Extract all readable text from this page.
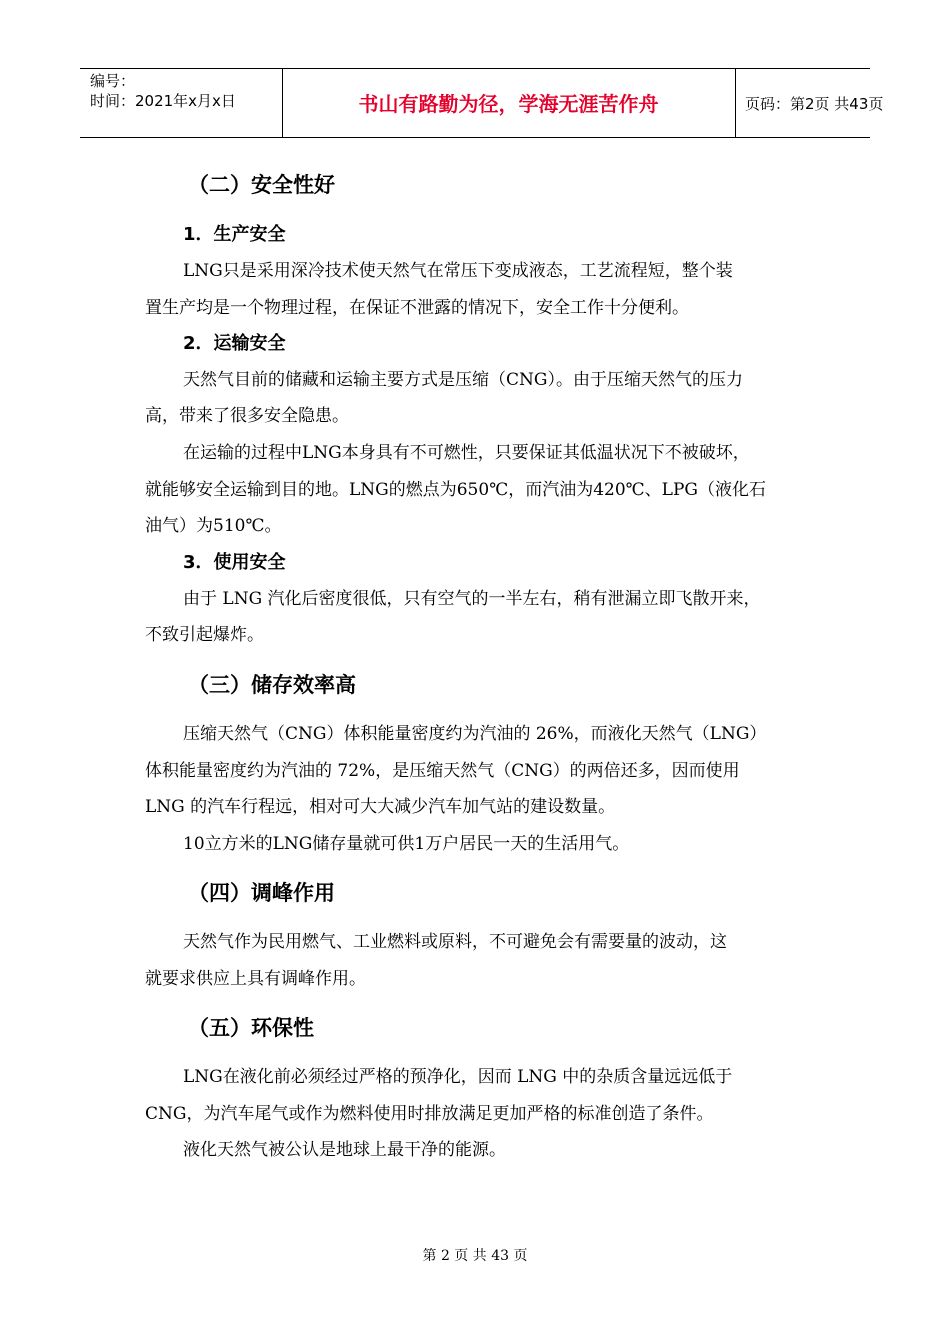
编号：
时间：2021年x月x日	书山有路勤为径，学海无涯苦作舟	页码：第2页 共43页
（二）安全性好
1．生产安全
LNG只是采用深冷技术使天然气在常压下变成液态，工艺流程短，整个装
置生产均是一个物理过程，在保证不泄露的情况下，安全工作十分便利。
2．运输安全
天然气目前的储藏和运输主要方式是压缩（CNG）。由于压缩天然气的压力
高，带来了很多安全隐患。
在运输的过程中LNG本身具有不可燃性，只要保证其低温状况下不被破坏，
就能够安全运输到目的地。LNG的燃点为650℃，而汽油为420℃、LPG（液化石
油气）为510℃。
3．使用安全
由于 LNG 汽化后密度很低，只有空气的一半左右，稍有泄漏立即飞散开来，
不致引起爆炸。
（三）储存效率高
压缩天然气（CNG）体积能量密度约为汽油的 26%，而液化天然气（LNG）
体积能量密度约为汽油的 72%，是压缩天然气（CNG）的两倍还多，因而使用
LNG 的汽车行程远，相对可大大减少汽车加气站的建设数量。
10立方米的LNG储存量就可供1万户居民一天的生活用气。
（四）调峰作用
天然气作为民用燃气、工业燃料或原料，不可避免会有需要量的波动，这
就要求供应上具有调峰作用。
（五）环保性
LNG在液化前必须经过严格的预净化，因而 LNG 中的杂质含量远远低于
CNG，为汽车尾气或作为燃料使用时排放满足更加严格的标准创造了条件。
液化天然气被公认是地球上最干净的能源。
第 2 页 共 43 页
